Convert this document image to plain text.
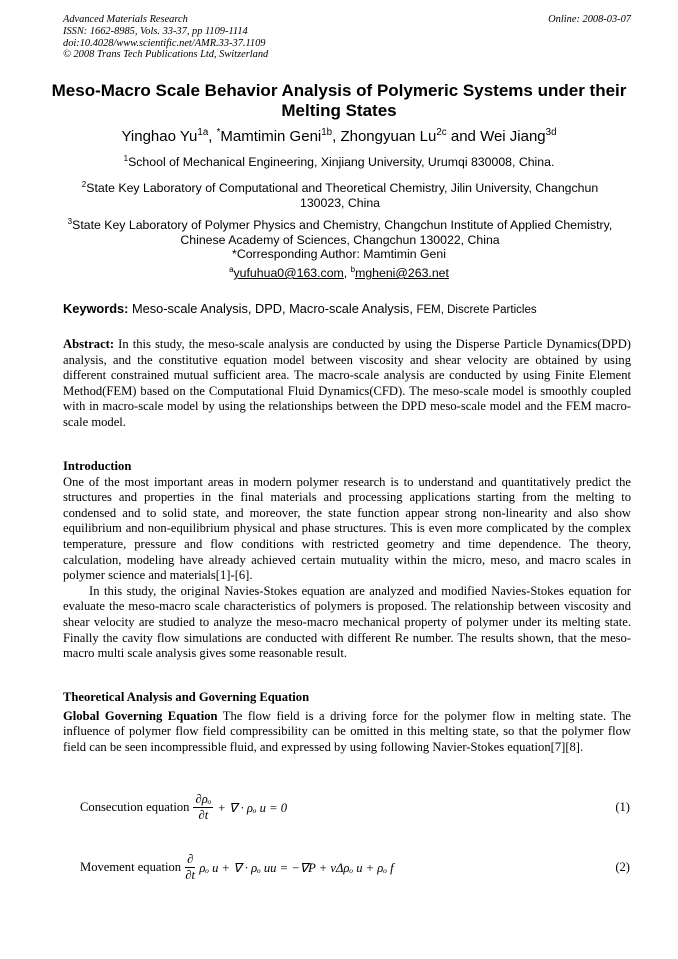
Advanced Materials Research
ISSN: 1662-8985, Vols. 33-37, pp 1109-1114
doi:10.4028/www.scientific.net/AMR.33-37.1109
© 2008 Trans Tech Publications Ltd, Switzerland
Online: 2008-03-07
Meso-Macro Scale Behavior Analysis of Polymeric Systems under their Melting States
Yinghao $Yu^{1a}$, *Mamtimin Geni$^{1b}$, Zhongyuan $Lu^{2c}$ and Wei Jiang$^{3d}$
$^1$School of Mechanical Engineering, Xinjiang University, Urumqi 830008, China.
$^2$State Key Laboratory of Computational and Theoretical Chemistry, Jilin University, Changchun 130023, China
$^3$State Key Laboratory of Polymer Physics and Chemistry, Changchun Institute of Applied Chemistry, Chinese Academy of Sciences, Changchun 130022, China
*Corresponding Author: Mamtimin Geni
$^a$yufuhua0@163.com, $^b$mgheni@263.net
Keywords: Meso-scale Analysis, DPD, Macro-scale Analysis, FEM, Discrete Particles

Abstract: In this study, the meso-scale analysis are conducted by using the Disperse Particle Dynamics(DPD) analysis, and the constitutive equation model between viscosity and shear velocity are obtained by using different constrained mutual sufficient area. The macro-scale analysis are conducted by using Finite Element Method(FEM) based on the Computational Fluid Dynamics(CFD). The meso-scale model is smoothly coupled with in macro-scale model by using the relationships between the DPD meso-scale model and the FEM macro-scale model.

Introduction

One of the most important areas in modern polymer research is to understand and quantitatively predict the structures and properties in the final materials and processing applications starting from the melting to condensed and to solid state, and moreover, the state function appear strong non-linearity and also show equilibrium and non-equilibrium physical and phase structures. This is even more complicated by the complex temperature, pressure and flow conditions with restricted geometry and time dependence. The theory, calculation, modeling have already achieved certain mutuality within the micro, meso, and macro scales in polymer science and materials[1]-[6].

In this study, the original Navies-Stokes equation are analyzed and modified Navies-Stokes equation for evaluate the meso-macro scale characteristics of polymers is proposed. The relationship between viscosity and shear velocity are studied to analyze the meso-macro mechanical property of polymer under its melting state. Finally the cavity flow simulations are conducted with different Re number. The results shown, that the meso-macro multi scale analysis gives some reasonable result.

Theoretical Analysis and Governing Equation

Global Governing Equation The flow field is a driving force for the polymer flow in melting state. The influence of polymer flow field compressibility can be omitted in this melting state, so that the polymer flow field can be seen incompressible fluid, and expressed by using following Navier-Stokes equation[7][8].

Consecution equation $\frac{\text{∂ρₒ}}{\partial t}$ + ∇ · ρₒ u = 0	(1)
Movement equation $\frac{\partial}{\partial t}$ ρₒ u + ∇ · ρₒ uu = −∇P + νΔρₒ u + ρₒ f	(2)
